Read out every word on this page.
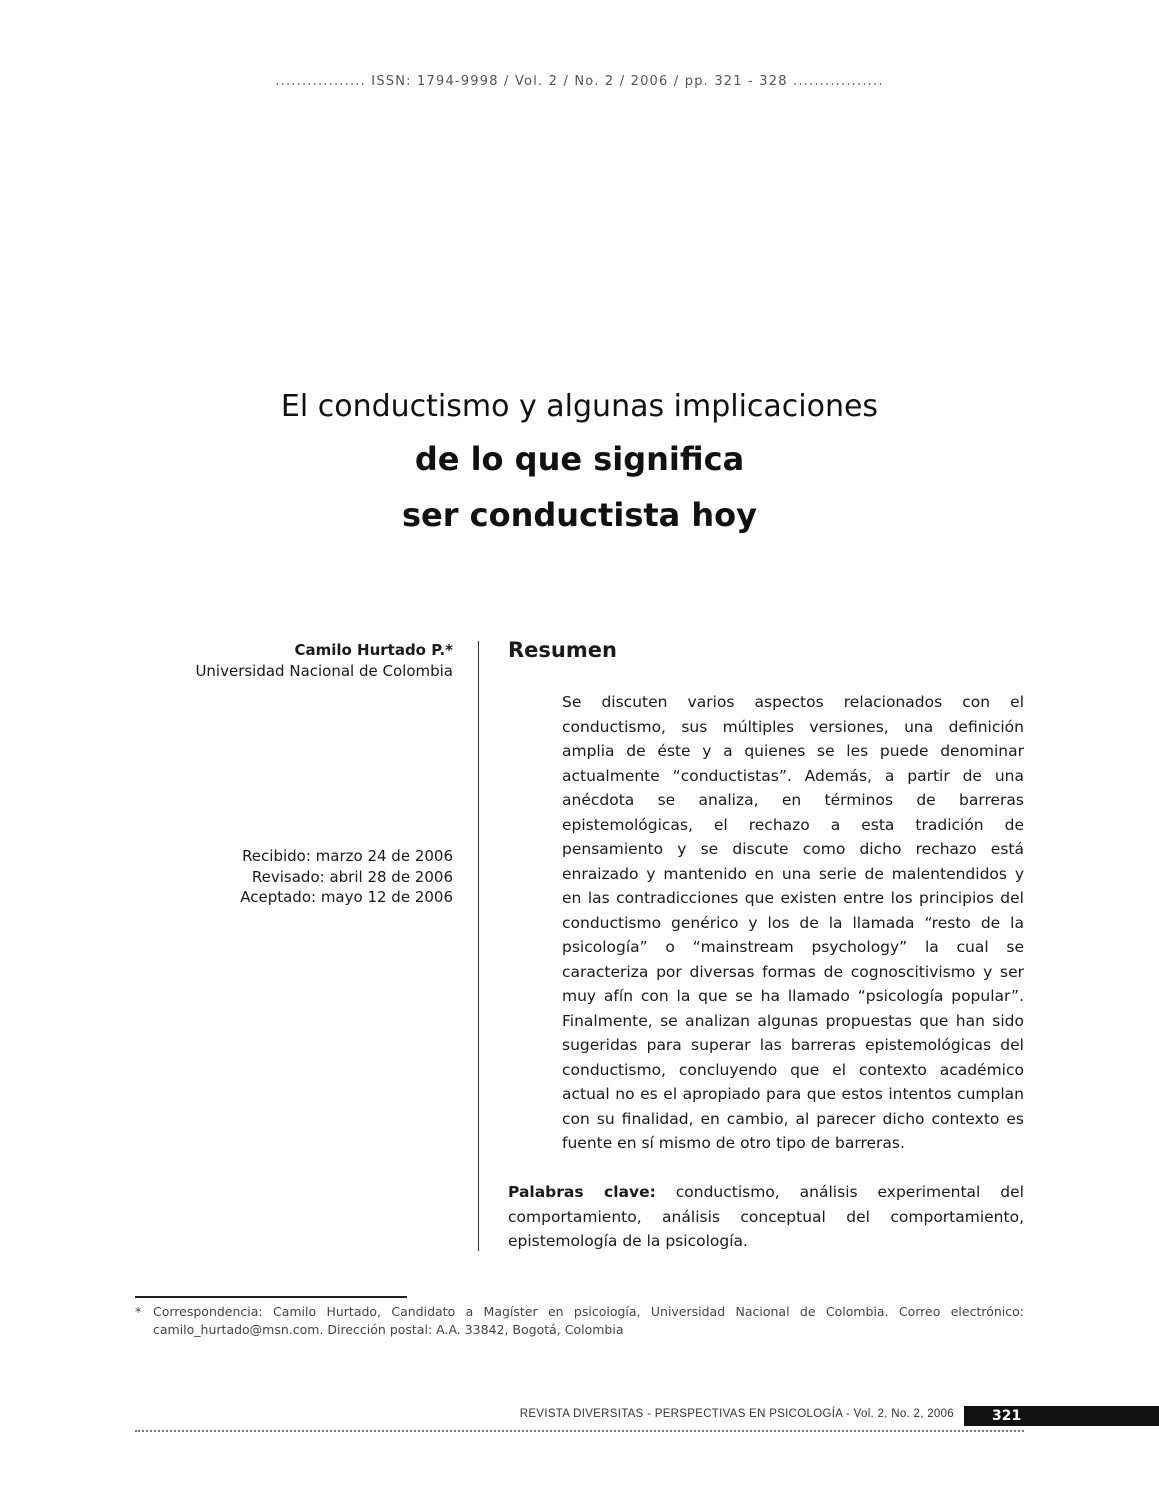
................. ISSN: 1794-9998 / Vol. 2 / No. 2 / 2006 / pp. 321 - 328 .................
El conductismo y algunas implicaciones
de lo que significa
ser conductista hoy
Camilo Hurtado P.*
Universidad Nacional de Colombia
Recibido: marzo 24 de 2006
Revisado: abril 28 de 2006
Aceptado: mayo 12 de 2006
Resumen

Se discuten varios aspectos relacionados con el conductismo, sus múltiples versiones, una definición amplia de éste y a quienes se les puede denominar actualmente “conductistas”. Además, a partir de una anécdota se analiza, en términos de barreras epistemológicas, el rechazo a esta tradición de pensamiento y se discute como dicho rechazo está enraizado y mantenido en una serie de malentendidos y en las contradicciones que existen entre los principios del conductismo genérico y los de la llamada “resto de la psicología” o “mainstream psychology” la cual se caracteriza por diversas formas de cognoscitivismo y ser muy afín con la que se ha llamado “psicología popular”. Finalmente, se analizan algunas propuestas que han sido sugeridas para superar las barreras epistemológicas del conductismo, concluyendo que el contexto académico actual no es el apropiado para que estos intentos cumplan con su finalidad, en cambio, al parecer dicho contexto es fuente en sí mismo de otro tipo de barreras.

Palabras clave: conductismo, análisis experimental del comportamiento, análisis conceptual del comportamiento, epistemología de la psicología.
* Correspondencia: Camilo Hurtado, Candidato a Magíster en psicología, Universidad Nacional de Colombia. Correo electrónico: camilo_hurtado@msn.com. Dirección postal: A.A. 33842, Bogotá, Colombia
REVISTA DIVERSITAS - PERSPECTIVAS EN PSICOLOGÍA - Vol. 2, No. 2, 2006	321
